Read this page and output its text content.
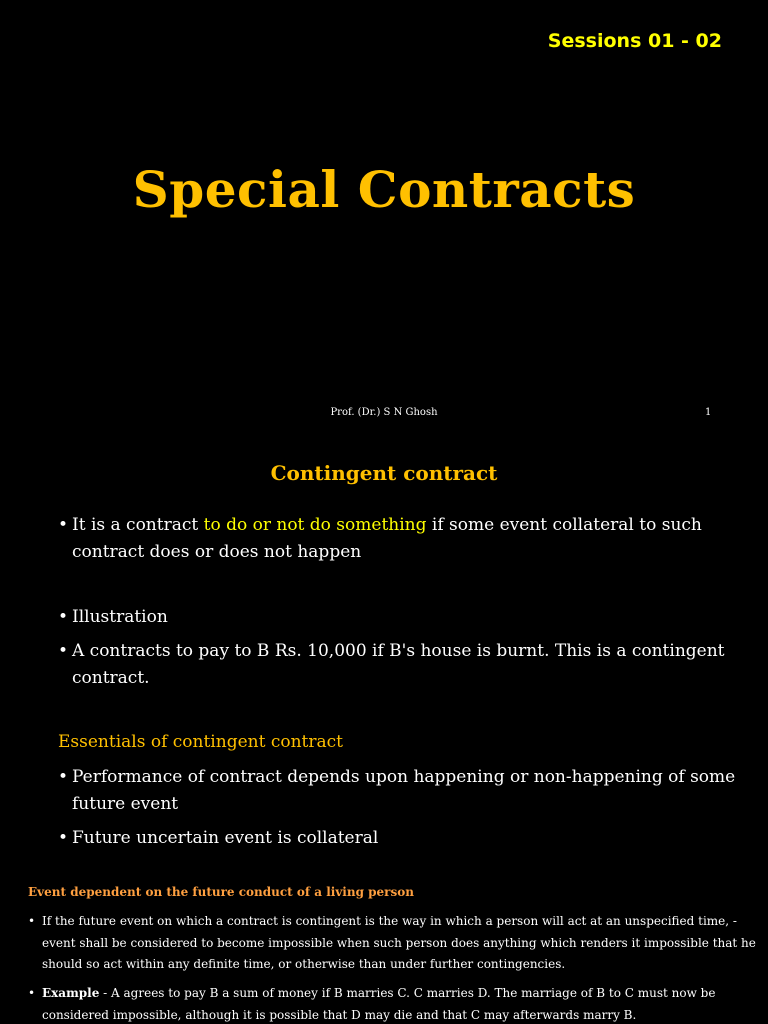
Sessions 01 - 02
Special Contracts
Prof. (Dr.) S N Ghosh	1
Contingent contract
• It is a contract to do or not do something if some event collateral to such contract does or does not happen
• Illustration
• A contracts to pay to B Rs. 10,000 if B's house is burnt. This is a contingent contract.
Essentials of contingent contract
• Performance of contract depends upon happening or non-happening of some future event
• Future uncertain event is collateral
Event dependent on the future conduct of a living person
• If the future event on which a contract is contingent is the way in which a person will act at an unspecified time, - event shall be considered to become impossible when such person does anything which renders it impossible that he should so act within any definite time, or otherwise than under further contingencies.
• Example - A agrees to pay B a sum of money if B marries C. C marries D. The marriage of B to C must now be considered impossible, although it is possible that D may die and that C may afterwards marry B.
